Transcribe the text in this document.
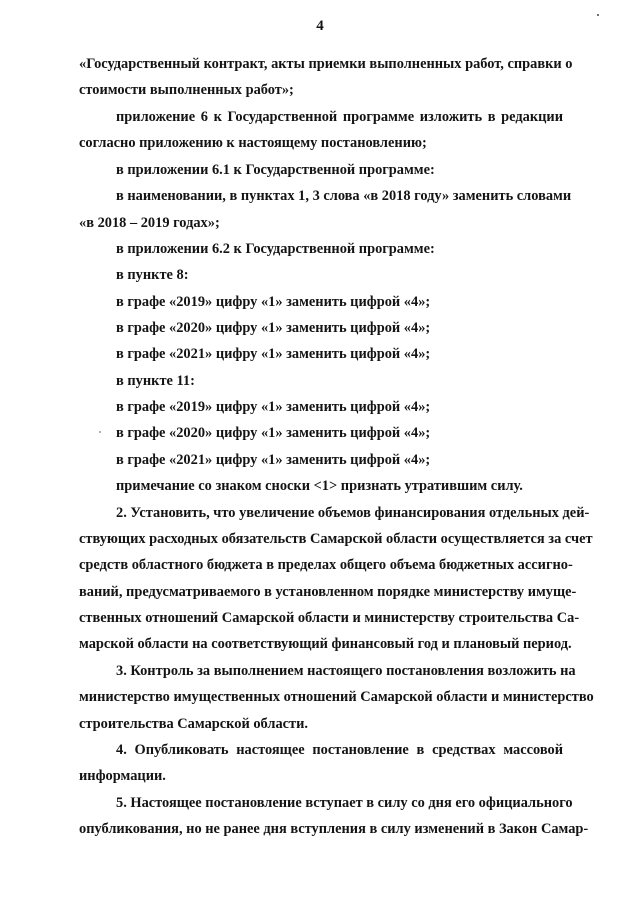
4
«Государственный контракт, акты приемки выполненных работ, справки о
стоимости выполненных работ»;
приложение 6 к Государственной программе изложить в редакции
согласно приложению к настоящему постановлению;
в приложении 6.1 к Государственной программе:
в наименовании, в пунктах 1, 3 слова «в 2018 году» заменить словами
«в 2018 – 2019 годах»;
в приложении 6.2 к Государственной программе:
в пункте 8:
в графе «2019» цифру «1» заменить цифрой «4»;
в графе «2020» цифру «1» заменить цифрой «4»;
в графе «2021» цифру «1» заменить цифрой «4»;
в пункте 11:
в графе «2019» цифру «1» заменить цифрой «4»;
в графе «2020» цифру «1» заменить цифрой «4»;
в графе «2021» цифру «1» заменить цифрой «4»;
примечание со знаком сноски <1> признать утратившим силу.
2. Установить, что увеличение объемов финансирования отдельных дей-
ствующих расходных обязательств Самарской области осуществляется за счет
средств областного бюджета в пределах общего объема бюджетных ассигно-
ваний, предусматриваемого в установленном порядке министерству имуще-
ственных отношений Самарской области и министерству строительства Са-
марской области на соответствующий финансовый год и плановый период.
3. Контроль за выполнением настоящего постановления возложить на
министерство имущественных отношений Самарской области и министерство
строительства Самарской области.
4. Опубликовать настоящее постановление в средствах массовой
информации.
5. Настоящее постановление вступает в силу со дня его официального
опубликования, но не ранее дня вступления в силу изменений в Закон Самар-
